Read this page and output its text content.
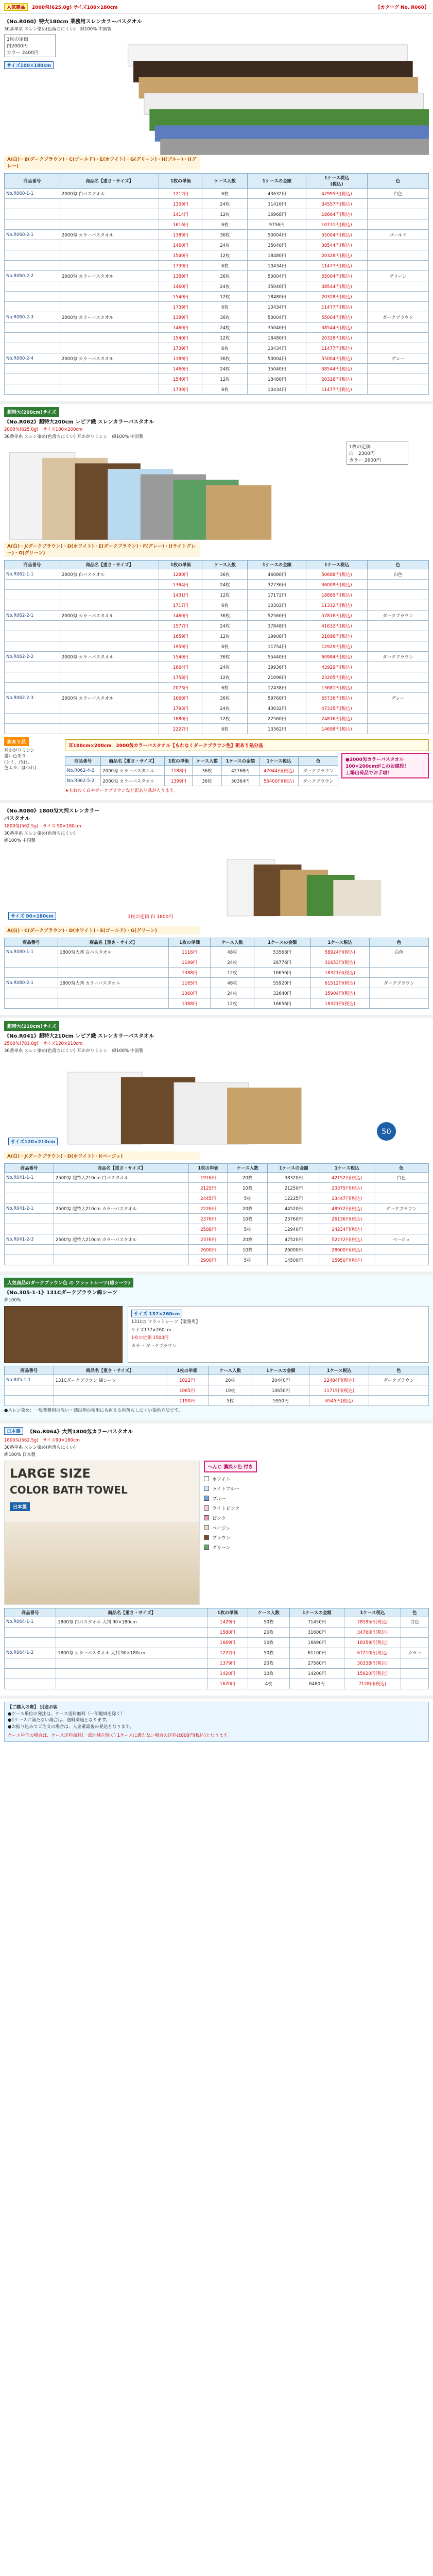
人気商品	2000匁(625.0g) サイズ100×180cm	【カタログ No. R060】
《No.R060》特大180cm 業務用スレンカラーバスタオル
30番単糸 スレン染め(色落ちにくい)　綿100% 中国製
1枚の定価
白2000円
カラー 2400円 サイズ100×180cm
A(白)・B(ダークブラウン)・C(ゴールド)・E(ホワイト)・G(グリーン)・H(ブルー)・I(グレー)
商品番号	商品名【重さ・サイズ】	1枚の単価	ケース入数	1ケースの金額	1ケース税込
(税込)	色
No.R060-1-1	2000匁 白バスタオル	1212円	6枚	43632円	47995円(税込)	白色
		1309円	24枚	31416円	34557円(税込)	
		1414円	12枚	16968円	18664円(税込)	
		1616円	6枚	9756円	10731円(税込)	
No.R060-2-1	2000匁 カラーバスタオル	1389円	36枚	50004円	55004円(税込)	ゴールド
		1460円	24枚	35040円	38544円(税込)	
		1540円	12枚	18480円	20328円(税込)	
		1739円	6枚	10434円	11477円(税込)	
No.R060-2-2	2000匁 カラーバスタオル	1389円	36枚	50004円	55004円(税込)	グリーン
		1460円	24枚	35040円	38544円(税込)	
		1540円	12枚	18480円	20328円(税込)	
		1739円	6枚	10434円	11477円(税込)	
No.R060-2-3	2000匁 カラーバスタオル	1389円	36枚	50004円	55004円(税込)	ダークブラウン
		1460円	24枚	35040円	38544円(税込)	
		1540円	12枚	18480円	20328円(税込)	
		1739円	6枚	10434円	11477円(税込)	
No.R060-2-4	2000匁 カラーバスタオル	1389円	36枚	50004円	55004円(税込)	グレー
		1460円	24枚	35040円	38544円(税込)	
		1540円	12枚	18480円	20328円(税込)	
		1739円	6枚	10434円	11477円(税込)	
超特大(200cm)サイズ
《No.R062》超特大200cm レピア織 スレンカラーバスタオル
2000匁(625.0g)　サイズ100×200cm
30番単糸 スレン染め(色落ちにくい) 耳かがりミシン　綿100% 中国製
1枚の定価
白　2300円
カラー 2600円
A(白)・J(ダークブラウン)・D(ホワイト)・E(ダークブラウン)・F(グレー)・I(ライトグレー)・G(グリーン)
商品番号	商品名【重さ・サイズ】	1枚の単価	ケース入数	1ケースの金額	1ケース税込	色
No.R062-1-1	2000匁 白バスタオル	1280円	36枚	46080円	50688円(税込)	白色
		1364円	24枚	32736円	36009円(税込)	
		1431円	12枚	17172円	18889円(税込)	
		1717円	6枚	10302円	11332円(税込)	
No.R062-2-1	2000匁 カラーバスタオル	1460円	36枚	52560円	57816円(税込)	ダークブラウン
		1577円	24枚	37848円	41632円(税込)	
		1659円	12枚	19908円	21898円(税込)	
		1959円	6枚	11754円	12929円(税込)	
No.R062-2-2	2000匁 カラーバスタオル	1540円	36枚	55440円	60984円(税込)	ダークブラウン
		1664円	24枚	39936円	43929円(税込)	
		1758円	12枚	21096円	23205円(税込)	
		2073円	6枚	12438円	13681円(税込)	
No.R062-2-3	2000匁 カラーバスタオル	1660円	36枚	59760円	65736円(税込)	グレー
		1793円	24枚	43032円	47335円(税込)	
		1880円	12枚	22560円	24816円(税込)	
		2227円	6枚	13362円	14698円(税込)	
訳あり品
耳かがりミシン
濃い色あり
(シミ、汚れ、
色ムラ、ほつれ)
耳100cm×200cm　2000匁カラーバスタオル【もれなくダークブラウン色】訳あり処分品
商品番号	商品名【重さ・サイズ】	1枚の単価	ケース入数	1ケースの金額	1ケース税込	色
No.R062-4-2	2000匁 カラーバスタオル	1188円	36枚	42768円	47044円(税込)	ダークブラウン
No.R062-5-2	2000匁 カラーバスタオル	1399円	36枚	50364円	55400円(税込)	ダークブラウン
●2000匁カラーバスタオル
100×200cmがこのお値段！
工場出荷品でお手頃！
★もれなく白やダークブラウンなど訳あり品が入ります。
《No.R080》1800匁大判スレンカラー
バスタオル
1800匁(562.5g)　サイズ 90×180cm
30番単糸 スレン染め(色落ちにくい)
綿100% 中国製
サイズ 90×180cm	1枚の定価 白 1800円
A(白)・C(ダークブラウン)・D(ホワイト)・E(ゴールド)・G(グリーン)
商品番号	商品名【重さ・サイズ】	1枚の単価	ケース入数	1ケースの金額	1ケース税込	色
No.R080-1-1	1800匁大判 白バスタオル	1116円	48枚	53568円	58924円(税込)	白色
		1199円	24枚	28776円	31653円(税込)	
		1388円	12枚	16656円	18321円(税込)	
No.R080-2-1	1800匁大判 カラーバスタオル	1165円	48枚	55920円	61512円(税込)	ダークブラウン
		1360円	24枚	32640円	35904円(税込)	
		1388円	12枚	16656円	18321円(税込)	
超特大(210cm)サイズ
《No.R041》超特大210cm レピア織 スレンカラーバスタオル
2500匁(781.0g)　サイズ120×210cm
30番単糸 スレン染め(色落ちにくい) 耳かがりミシン　綿100% 中国製
50
サイズ120×210cm
A(白)・J(ダークブラウン)・D(ホワイト)・I(ベージュ)
商品番号	商品名【重さ・サイズ】	1枚の単価	ケース入数	1ケースの金額	1ケース税込	色
No.R041-1-1	2500匁 超特大210cm 白バスタオル	1916円	20枚	38320円	42152円(税込)	白色
		2125円	10枚	21250円	23375円(税込)	
		2445円	5枚	12225円	13447円(税込)	
No.R041-2-1	2500匁 超特大210cm カラーバスタオル	2226円	20枚	44520円	48972円(税込)	ダークブラウン
		2376円	10枚	23760円	26136円(税込)	
		2588円	5枚	12940円	14234円(税込)	
No.R041-2-3	2500匁 超特大210cm カラーバスタオル	2376円	20枚	47520円	52272円(税込)	ベージュ
		2600円	10枚	26000円	28600円(税込)	
		2900円	5枚	14500円	15950円(税込)	
人気商品のダークブラウン色 の フラットシーツ(綿シーツ)
《No.305-1-1》131Cダークブラウン綿シーツ
綿100%
サイズ 137×260cm
131cの フラットシーツ【業務用】
サイズ137×260cm
1枚の定価 1500円
カラー ダークブラウン
商品番号	商品名【重さ・サイズ】	1枚の単価	ケース入数	1ケースの金額	1ケース税込	色
No.R05-1-1	131Cダークブラウン 綿シーツ	1022円	20枚	20440円	22484円(税込)	ダークブラウン
		1065円	10枚	10650円	11715円(税込)	
		1190円	5枚	5950円	6545円(税込)	
●スレン染め：一般業務用の洗い・漂白剤の使用にも耐える色落ちしにくい染色方法です。
日本製	《No.R064》大判1800匁カラーバスタオル
1800匁(562.5g)　サイズ90×180cm
30番単糸 スレン染め(色落ちにくい)
綿100% 日本製
LARGE SIZE
COLOR BATH TOWEL
日本製
へんじ 濃淡シ色 付き
ホワイト
ライトブルー
ブルー
ライトピンク
ピンク
ベージュ
ブラウン
グリーン
商品番号	商品名【重さ・サイズ】	1枚の単価	ケース入数	1ケースの金額	1ケース税込	色
No.R064-1-1	1800匁 白バスタオル 大判 90×180cm	1429円	50枚	71450円	78595円(税込)	白色
		1580円	20枚	31600円	34760円(税込)	
		1669円	10枚	16690円	18359円(税込)	
No.R064-1-2	1800匁 カラーバスタオル 大判 90×180cm	1222円	50枚	61100円	67210円(税込)	カラー
		1379円	20枚	27580円	30338円(税込)	
		1420円	10枚	14200円	15620円(税込)	
		1620円	4枚	6480円	7128円(税込)	
【ご購入の際】 別途お客
●ケース単位の発注は、ケース送料無料（一部地域を除く）
●1ケースに満たない場合は、送料別途となります。
●お振り込みでご注文の場合は、入金確認後の発送となります。
ケース単位の場合は、ケース送料無料(一部地域を除く) 1ケースに満たない場合の送料は800円(税込)となります。
